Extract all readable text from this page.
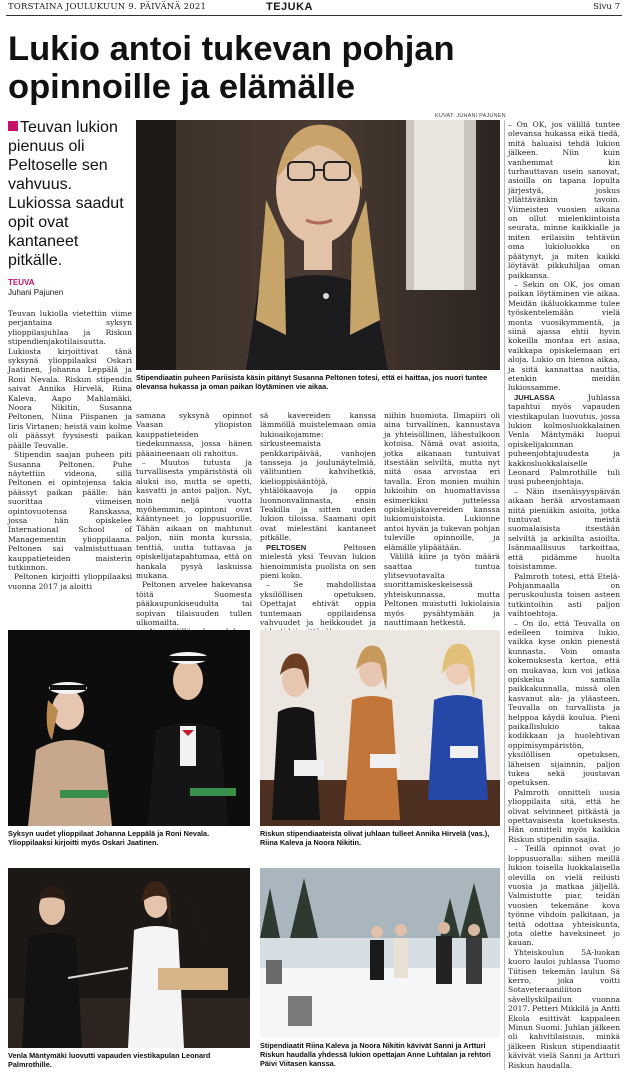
TORSTAINA JOULUKUUN 9. PÄIVÄNÄ 2021	TEJUKA	Sivu 7
Lukio antoi tukevan pohjan opinnoille ja elämälle
Teuvan lukion pienuus oli Peltoselle sen vahvuus. Lukiossa saadut opit ovat kantaneet pitkälle.
TEUVA
Juhani Pajunen

Teuvan lukiolla vietettiin viime perjantaina syksyn ylioppilasjuhlaa ja Riskun stipendienjakotilaisuutta. Lukiosta kirjoittivat tänä syksynä ylioppilaaksi Oskari Jaatinen, Johanna Leppälä ja Roni Nevala. Riskun stipendin saivat Annika Hirvelä, Riina Kaleva, Aapo Mahlamäki, Noora Nikitin, Susanna Peltonen, Niina Piispanen ja Iiris Virtanen; heistä vain kolme oli päässyt fyysisesti paikan päälle Teuvalle.

Stipendin saajan puheen piti Susanna Peltonen. Puhe näytettiin videona, sillä Peltonen ei opintojensa takia päässyt paikan päälle: hän suorittaa viimeisen opintovuotensa Ranskassa, jossa hän opiskelee International School of Managementin ylioppilaana. Peltonen sai valmistuttuaan kauppatieteiden maisterin tutkinnon.

Peltonen kirjoitti ylioppilaaksi vuonna 2017 ja aloitti

KUVAT: JUHANI PAJUNEN
Stipendiaatin puheen Pariisista käsin pitänyt Susanna Peltonen totesi, että ei haittaa, jos nuori tuntee olevansa hukassa ja oman paikan löytäminen vie aikaa.

samana syksynä opinnot Vaasan yliopiston kauppatieteiden tiedekunnassa, jossa hänen pääaineenaan oli rahoitus.

– Muutos tutusta ja turvallisesta ympäristöstä oli aluksi iso, mutta se opetti, kasvatti ja antoi paljon. Nyt, noin neljä vuotta myöhemmin, opintoni ovat kääntyneet jo loppusuorille. Tähän aikaan on mahtunut paljon, niin monta kurssia, tenttiä, uutta tuttavaa ja opiskelijatapahtumaa, että on hankala pysyä laskuissa mukana.

Peltonen arvelee hakevansa töitä Suomesta pääkaupunkiseudulta tai sopivan tilaisuuden tullen ulkomailta.

sä kavereiden kanssa lämmöllä muistelemaan omia lukioaikojamme: sirkusteemaista penkkaripäivää, vanhojen tansseja ja joulunäytelmiä, välituntien kahvihetkiä, kielioppisääntöjä, yhtälökaavoja ja oppia luonnonvalinnasta, ensin Teakilla ja sitten uuden lukion tiloissa. Saamani opit ovat mielestäni kantaneet pitkälle.

PELTOSEN	Peltosen mielestä yksi Teuvan lukion hienoimmista puolista on sen pieni koko.

– Se mahdollistaa yksilöllisen opetuksen. Opettajat ehtivät oppia tuntemaan oppilaidensa vahvuudet ja heikkoudet ja

niihin huomiota. Ilmapiiri oli aina turvallinen, kannustava ja yhteisöllinen, lähestulkoon kotoisa. Nämä ovat asioita, jotka aikanaan tuntuivat itsestään selviltä, mutta nyt niitä osaa arvostaa eri tavalla. Eron monien muihin lukioihin on huomattavissa esimerkiksi juttelessa opiskelijakavereiden kanssa lukiomuistoista. Lukionne antoi hyvän ja tukevan pohjan tuleville opinnoille, ja elämälle ylipäätään.

Välillä kiire ja työn määrä saattaa tuntua ylitsevuotavalta suorittamiskeskeisessä yhteiskunnassa, mutta Peltonen muistutti lukiolaisia myös pysähtymään ja nauttimaan hetkestä.

– On OK, jos välillä tuntee olevansa hukassa eikä tiedä, mitä haluaisi tehdä lukion jälkeen. Niin kuin vanhemmat kin turhauttavan usein sanovat, asioilla on tapana lopulta järjestyä, joskus yllättävänkin tavoin. Viimeisten vuosien aikana on ollut mielenkiintoista seurata, minne kaikkialle ja miten erilaisiin tehtäviin oma lukioluokka on päätynyt, ja miten kaikki löytävät pikkuhiljaa oman paikkansa.

– Sekin on OK, jos oman paikan löytäminen vie aikaa. Meidän ikäluokkamme tulee työskentelemään vielä monta vuosikymmentä, ja siinä ajassa ehtii hyvin kokeilla montaa eri asiaa, vaikkapa opiskelemaan eri aloja. Lukio on hienoa aikaa, ja siitä kannattaa nauttia, etenkin meidän lukiossamme.

JUHLASSA	Juhlassa tapahtui myös vapauden viestikapulan luovutus, jossa lukion kolmosluokkalainen Venla Mäntymäki luopui opiskelijakunnan puheenjohtajuudesta ja kakkosluokkalaiselle Leonard Palmrothille tuli uusi puheenjohtaja.

– Näin itsenäisyyspäivän aikaan herää arvostamaan niitä pieniäkin asioita, jotka tuntuvat meistä suomalaisista itsestään selviltä ja arkisilta asioilta. Isänmaallisuus tarkoittaa, että pidämme huolta toisistamme.

Palmroth totesi, että Etelä-Pohjanmaalla on peruskoulusta toisen asteen tutkintoihin asti paljon vaihtoehtoja.

– On ilo, että Teuvalla on edelleen toimiva lukio, vaikka kyse onkin pienestä kunnasta. Voin omasta kokemuksesta kertoa, että on mukavaa, kun voi jatkaa opiskelua samalla paikkakunnalla, missä olen kasvanut ala- ja yläasteen. Teuvalla on turvallista ja helppoa käydä koulua. Pieni paikallislukio takaa kodikkaan ja huolehtivan oppimisympäristön, yksilöllisen opetuksen, läheisen sijainnin, paljon tukea sekä joustavan opetuksen.

Palmroth onnitteli uusia ylioppilaita sitä, että he olivat selvinneet pitkästä ja opettavaisesta koetuksesta. Hän onnitteli myös kaikkia Riskun stipendin saajia.

– Teillä opinnot ovat jo loppusuoralla: siihen meillä lukion toisella luokkalaisella olevilla on vielä reilusti vuosia ja matkaa jäljellä. Valmistutte piar, teidän vuosien tekemäne kova työnne vihdoin palkitaan, ja teitä odottaa yhteiskunta, jota olette haveksineet jo kauan.

Yhteiskoulun 5A-luokan kuoro lauloi juhlassa Tuomo Tiitisen tekemän laulun Sä kerro, joka voitti Sotaveteraaniliiton sävellyskilpailun vuonna 2017. Petteri Mikkilä ja Antti Ekola esittivät kappaleen Minun Suomi. Juhlan jälkeen oli kahvitilaisuus, minkä jälkeen Riskun stipendiaatit kävivät vielä Sanni ja Artturi Riskun haudalla.

Syksyn uudet ylioppilaat Johanna Leppälä ja Roni Nevala. Ylioppilaaksi kirjoitti myös Oskari Jaatinen.
Riskun stipendiaateista olivat juhlaan tulleet Annika Hirvelä (vas.), Riina Kaleva ja Noora Nikitin.
Venla Mäntymäki luovutti vapauden viestikapulan Leonard Palmrothille.
Stipendiaatit Riina Kaleva ja Noora Nikitin kävivät Sanni ja Artturi Riskun haudalla yhdessä lukion opettajan Anne Luhtalan ja rehtori Päivi Viitasen kanssa.
